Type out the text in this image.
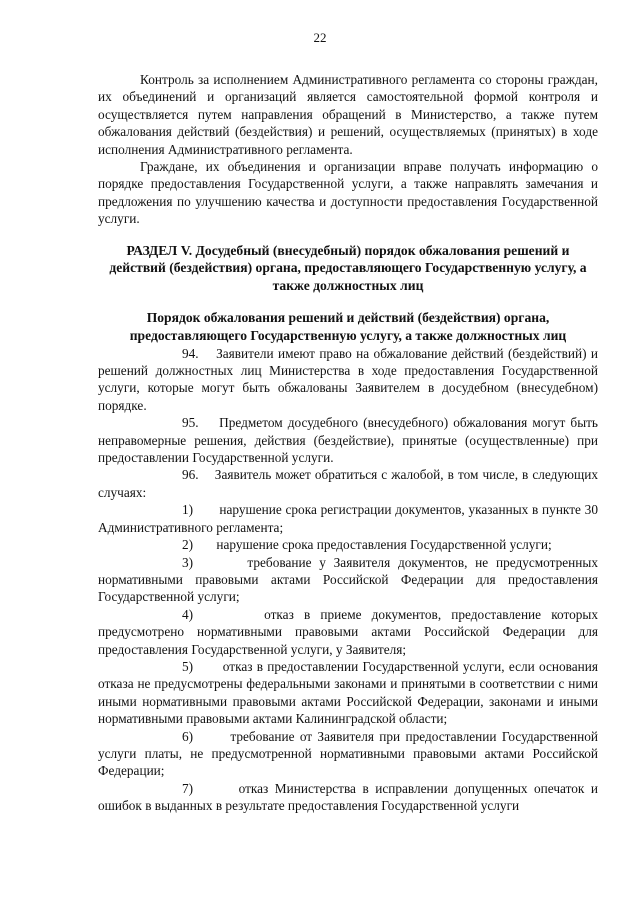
22

Контроль за исполнением Административного регламента со стороны граждан, их объединений и организаций является самостоятельной формой контроля и осуществляется путем направления обращений в Министерство, а также путем обжалования действий (бездействия) и решений, осуществляемых (принятых) в ходе исполнения Административного регламента.

Граждане, их объединения и организации вправе получать информацию о порядке предоставления Государственной услуги, а также направлять замечания и предложения по улучшению качества и доступности предоставления Государственной услуги.

РАЗДЕЛ V. Досудебный (внесудебный) порядок обжалования решений и действий (бездействия) органа, предоставляющего Государственную услугу, а также должностных лиц

Порядок обжалования решений и действий (бездействия) органа, предоставляющего Государственную услугу, а также должностных лиц

94. Заявители имеют право на обжалование действий (бездействий) и решений должностных лиц Министерства в ходе предоставления Государственной услуги, которые могут быть обжалованы Заявителем в досудебном (внесудебном) порядке.

95. Предметом досудебного (внесудебного) обжалования могут быть неправомерные решения, действия (бездействие), принятые (осуществленные) при предоставлении Государственной услуги.

96. Заявитель может обратиться с жалобой, в том числе, в следующих случаях:

1) нарушение срока регистрации документов, указанных в пункте 30 Административного регламента;

2) нарушение срока предоставления Государственной услуги;

3)	требование у Заявителя документов, не предусмотренных нормативными правовыми актами Российской Федерации для предоставления Государственной услуги;

4)	отказ в приеме документов, предоставление которых предусмотрено нормативными правовыми актами Российской Федерации для предоставления Государственной услуги, у Заявителя;

5) отказ в предоставлении Государственной услуги, если основания отказа не предусмотрены федеральными законами и принятыми в соответствии с ними иными нормативными правовыми актами Российской Федерации, законами и иными нормативными правовыми актами Калининградской области;

6)	требование от Заявителя при предоставлении Государственной услуги платы, не предусмотренной нормативными правовыми актами Российской Федерации;

7)	отказ Министерства в исправлении допущенных опечаток и ошибок в выданных в результате предоставления Государственной услуги
